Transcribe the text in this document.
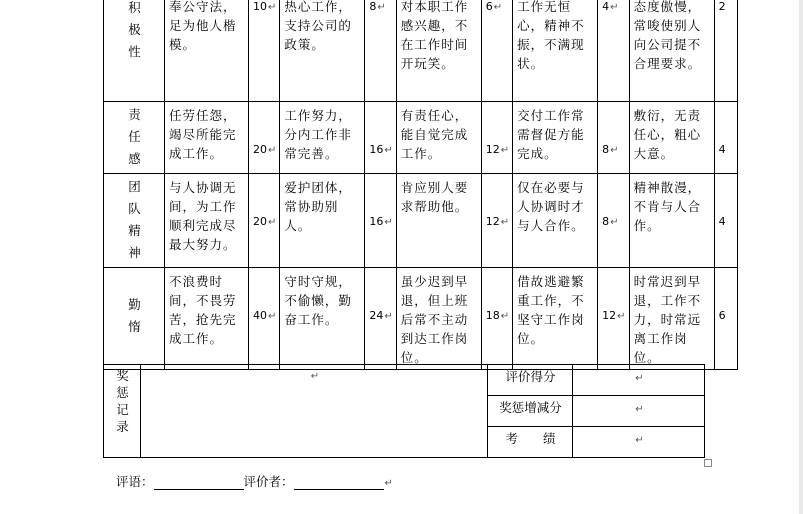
积
极
性	奉公守法，足为他人楷模。	10↵	热心工作，支持公司的政策。	8↵	对本职工作感兴趣，不在工作时间开玩笑。	6↵	工作无恒心，精神不振，不满现状。	4↵	态度傲慢，常唆使别人向公司提不合理要求。	2

责
任
感	任劳任怨，竭尽所能完成工作。	20↵	工作努力，分内工作非常完善。	16↵	有责任心，能自觉完成工作。	12↵	交付工作常需督促方能完成。	8↵	敷衍，无责任心，粗心大意。	4

团
队
精
神	与人协调无间，为工作顺利完成尽最大努力。	20↵	爱护团体，常协助别人。	16↵	肯应别人要求帮助他。	12↵	仅在必要与人协调时才与人合作。	8↵	精神散漫，不肯与人合作。	4

勤
惰	不浪费时间，不畏劳苦，抢先完成工作。	40↵	守时守规，不偷懒，勤奋工作。	24↵	虽少迟到早退，但上班后常不主动到达工作岗位。	18↵	借故逃避繁重工作，不坚守工作岗位。	12↵	时常迟到早退，工作不力，时常远离工作岗位。	6
奖
惩
记
录	↵	评价得分	↵
		奖惩增减分	↵
		考　　绩	↵
评语：	评价者：	↵
